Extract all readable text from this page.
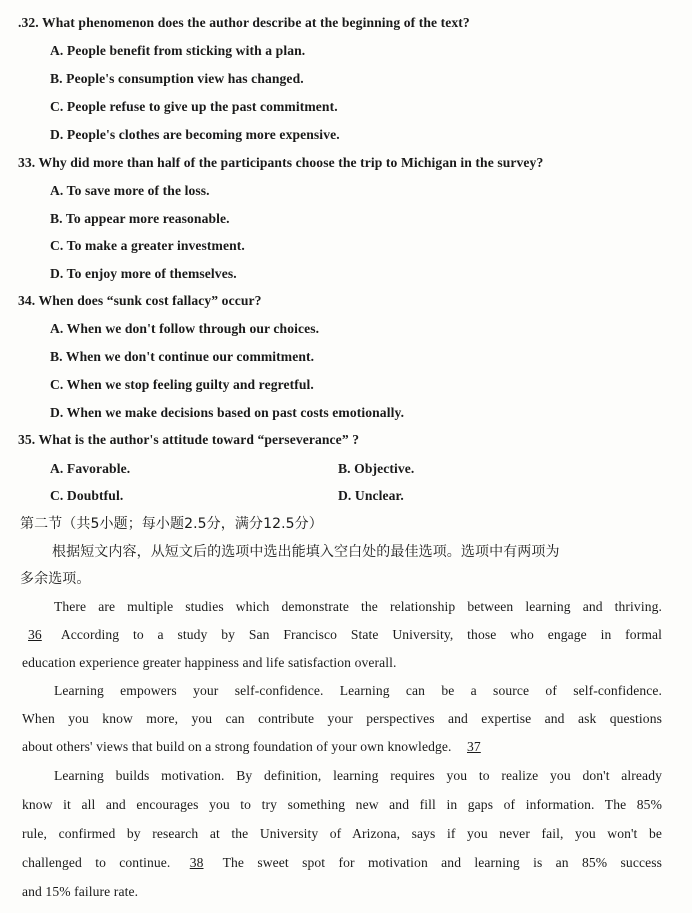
.32. What phenomenon does the author describe at the beginning of the text?
A. People benefit from sticking with a plan.
B. People's consumption view has changed.
C. People refuse to give up the past commitment.
D. People's clothes are becoming more expensive.
33. Why did more than half of the participants choose the trip to Michigan in the survey?
A. To save more of the loss.
B. To appear more reasonable.
C. To make a greater investment.
D. To enjoy more of themselves.
34. When does “sunk cost fallacy” occur?
A. When we don't follow through our choices.
B. When we don't continue our commitment.
C. When we stop feeling guilty and regretful.
D. When we make decisions based on past costs emotionally.
35. What is the author's attitude toward “perseverance” ?
A. Favorable.	B. Objective.
C. Doubtful.	D. Unclear.
第二节（共5小题；每小题2.5分，满分12.5分）
根据短文内容，从短文后的选项中选出能填入空白处的最佳选项。选项中有两项为
多余选项。
There are multiple studies which demonstrate the relationship between learning and thriving.
36 According to a study by San Francisco State University, those who engage in formal
education experience greater happiness and life satisfaction overall.
Learning empowers your self-confidence. Learning can be a source of self-confidence.
When you know more, you can contribute your perspectives and expertise and ask questions
about others' views that build on a strong foundation of your own knowledge. 37
Learning builds motivation. By definition, learning requires you to realize you don't already
know it all and encourages you to try something new and fill in gaps of information. The 85%
rule, confirmed by research at the University of Arizona, says if you never fail, you won't be
challenged to continue. 38 The sweet spot for motivation and learning is an 85% success
and 15% failure rate.
